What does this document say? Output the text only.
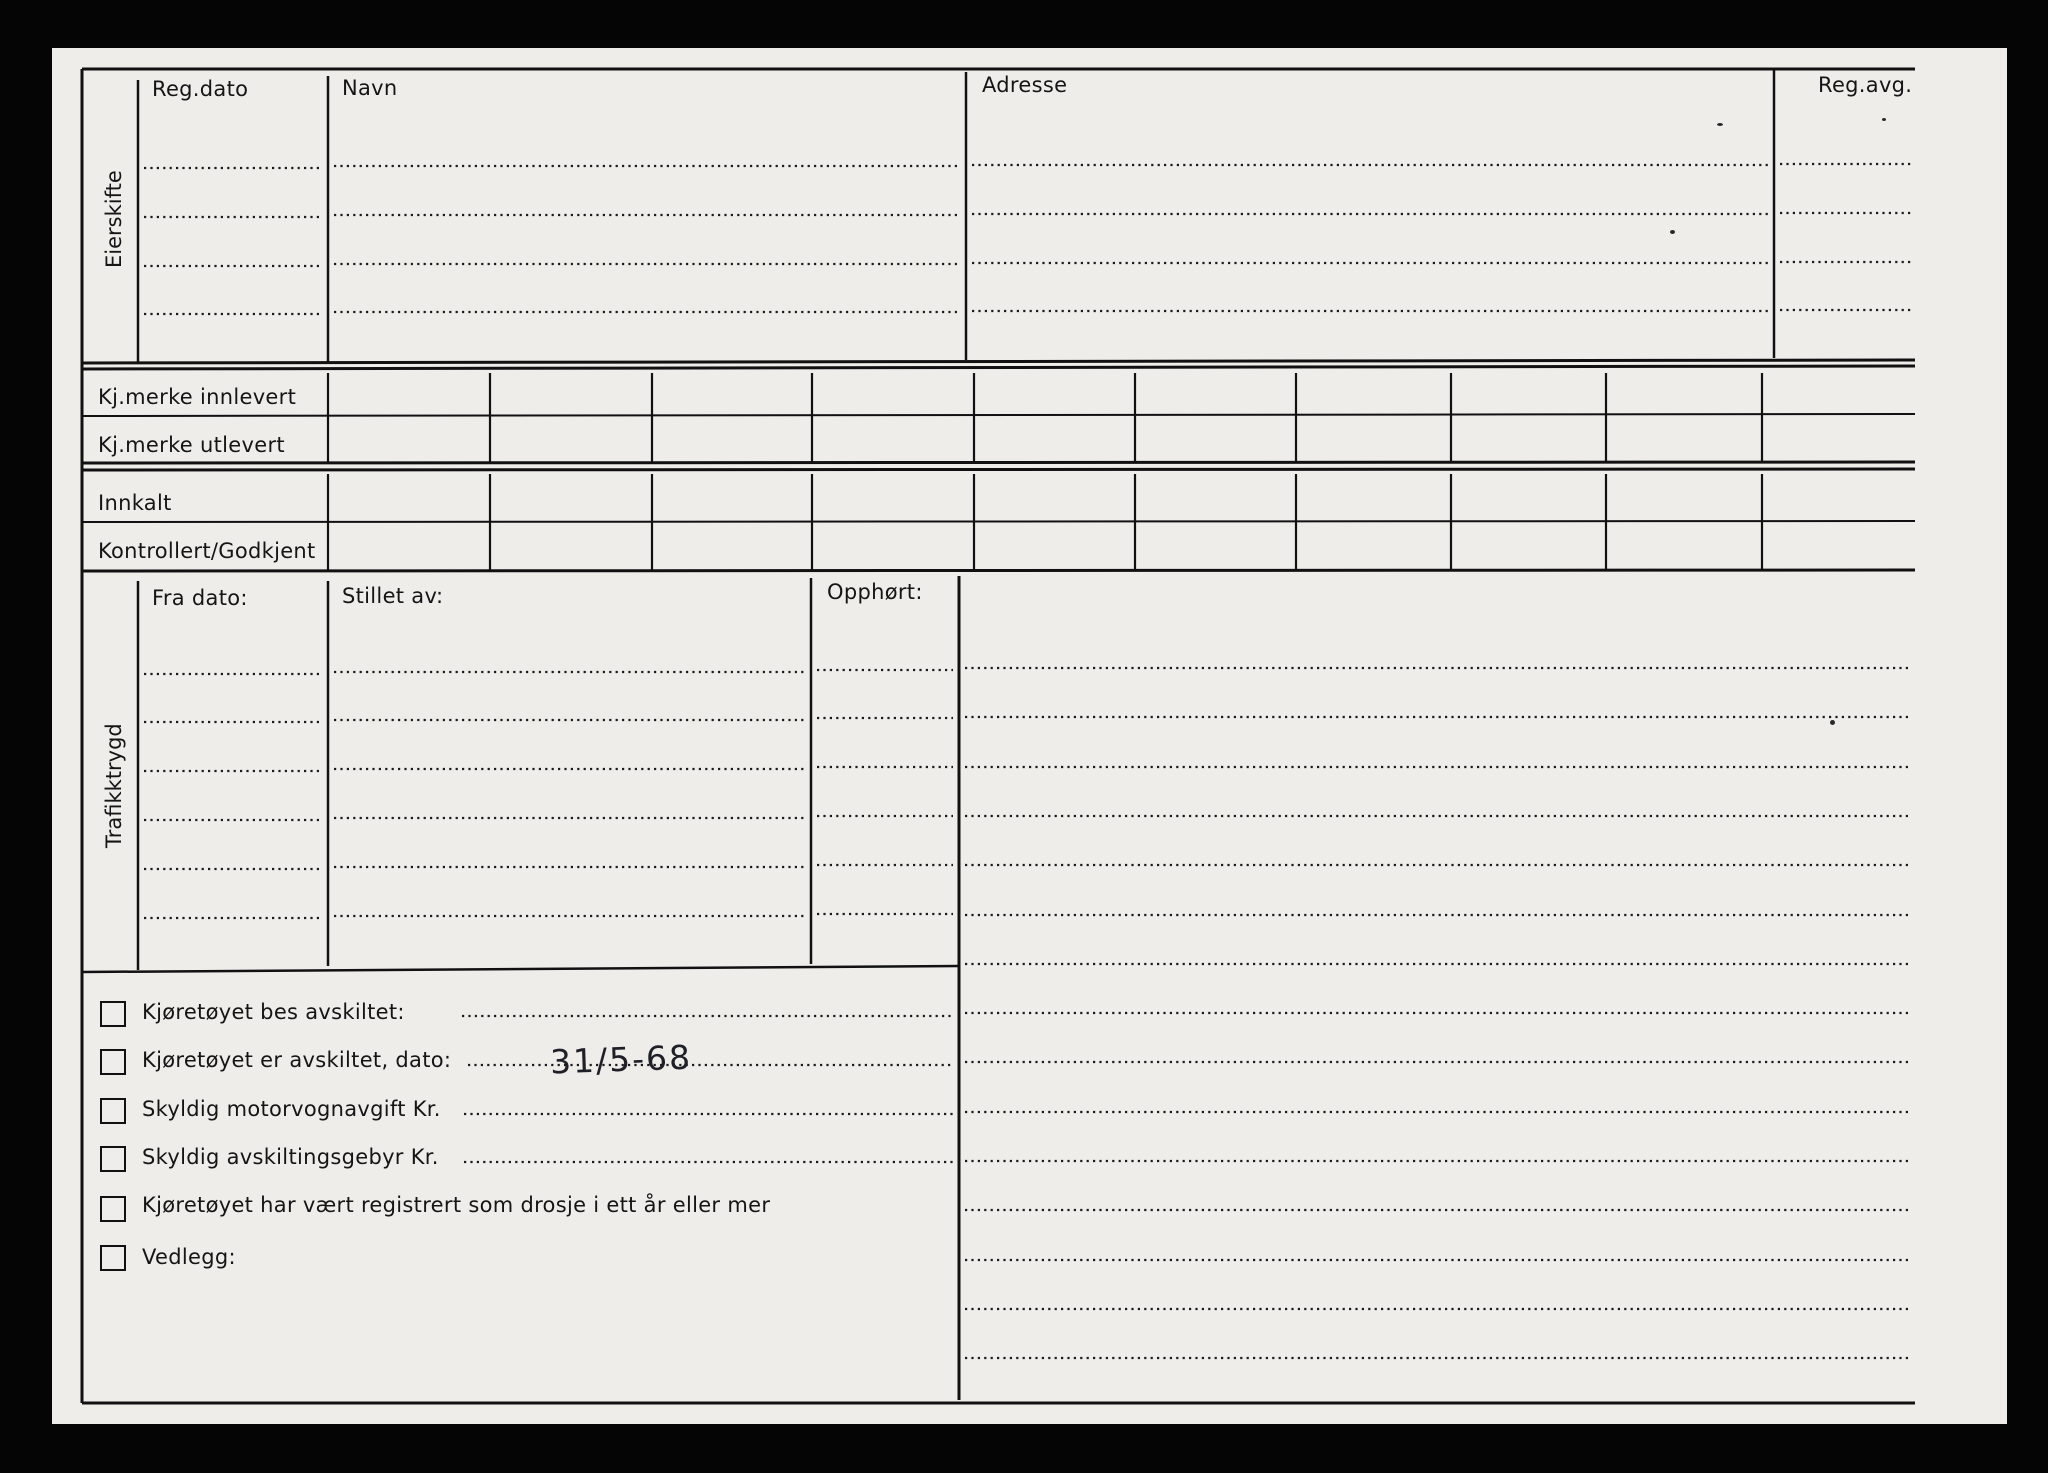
Eierskifte
Trafikktrygd
Reg.dato	Navn	Adresse	Reg.avg.
Kj.merke innlevert
Kj.merke utlevert
Innkalt
Kontrollert/Godkjent
Fra dato:	Stillet av:	Opphørt:
Kjøretøyet bes avskiltet:
Kjøretøyet er avskiltet, dato:	31/5-68
Skyldig motorvognavgift Kr.
Skyldig avskiltingsgebyr Kr.
Kjøretøyet har vært registrert som drosje i ett år eller mer
Vedlegg:
